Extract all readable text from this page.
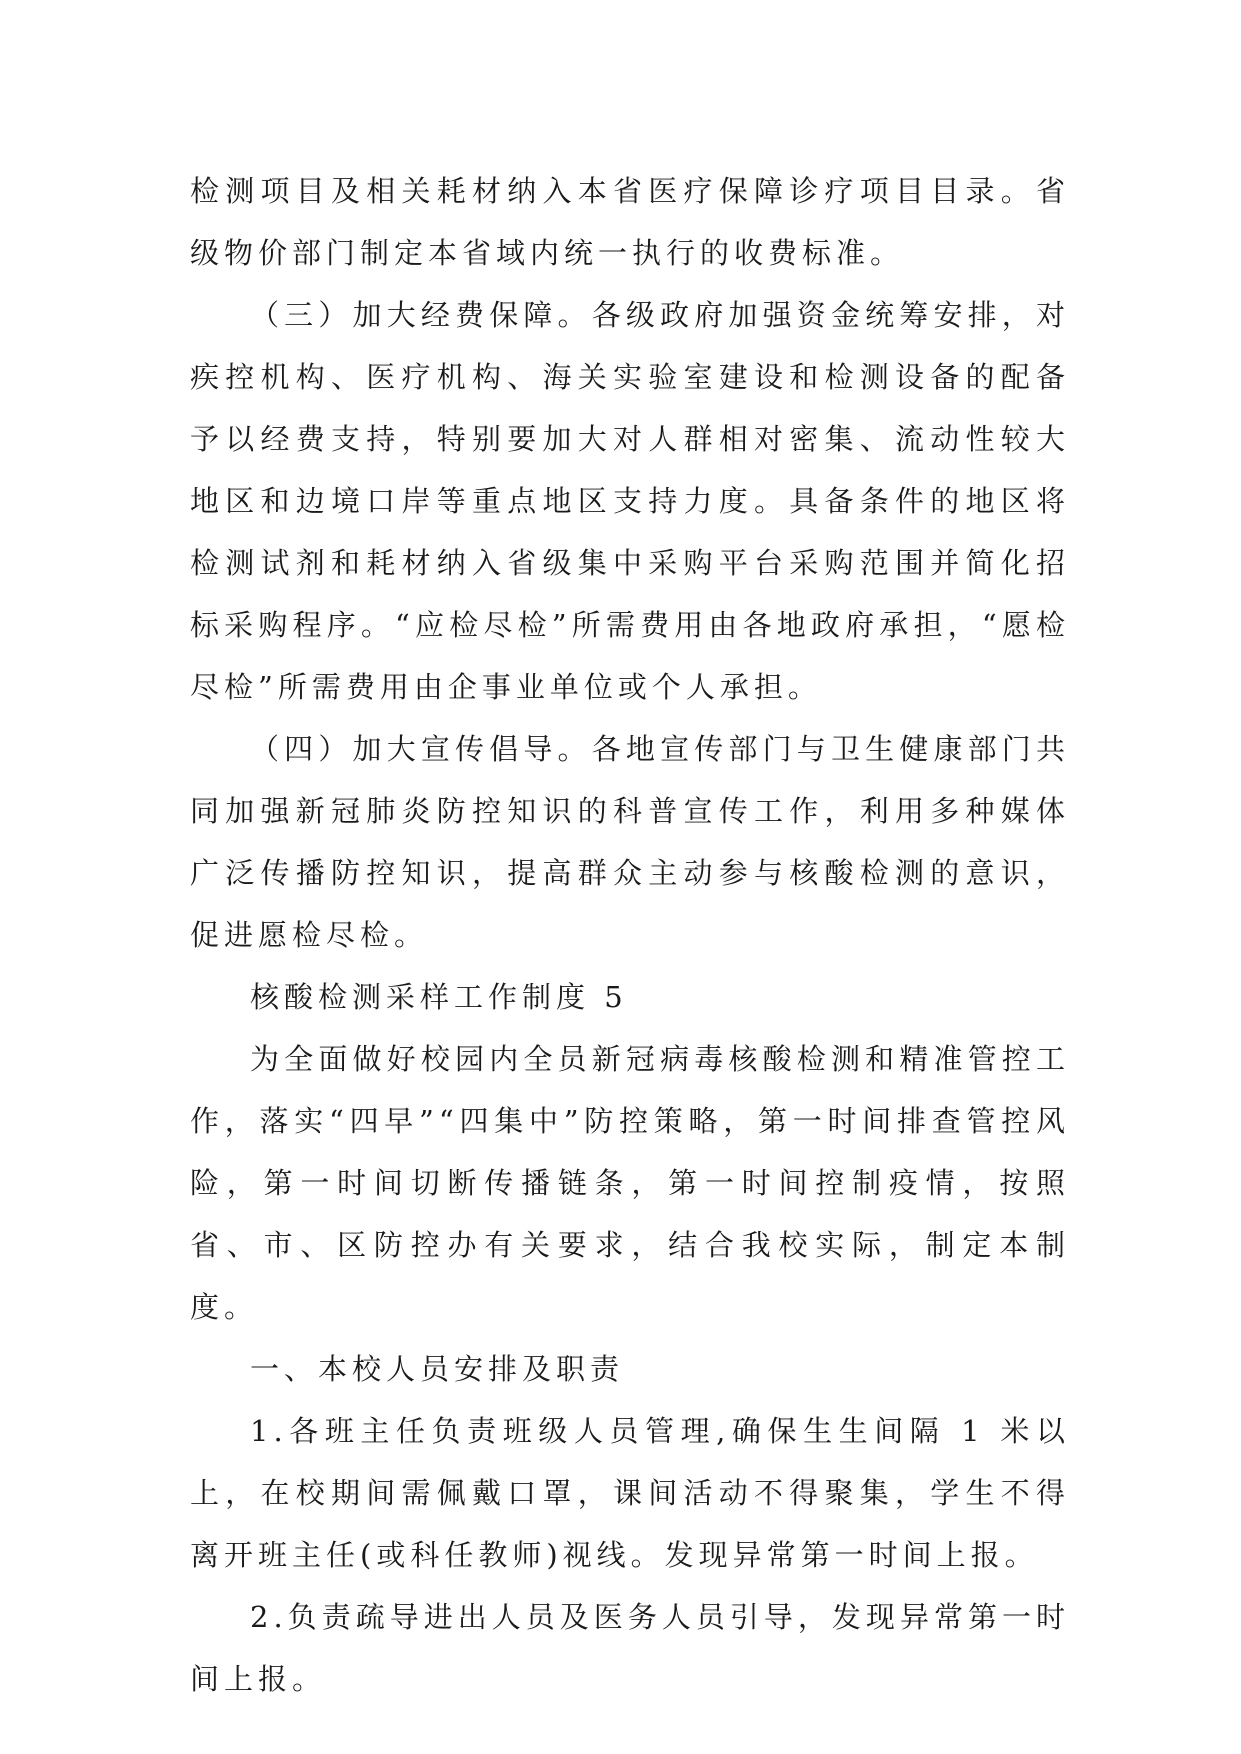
检测项目及相关耗材纳入本省医疗保障诊疗项目目录。省级物价部门制定本省域内统一执行的收费标准。

（三）加大经费保障。各级政府加强资金统筹安排，对疾控机构、医疗机构、海关实验室建设和检测设备的配备予以经费支持，特别要加大对人群相对密集、流动性较大地区和边境口岸等重点地区支持力度。具备条件的地区将检测试剂和耗材纳入省级集中采购平台采购范围并简化招标采购程序。“应检尽检”所需费用由各地政府承担，“愿检尽检”所需费用由企事业单位或个人承担。

（四）加大宣传倡导。各地宣传部门与卫生健康部门共同加强新冠肺炎防控知识的科普宣传工作，利用多种媒体广泛传播防控知识，提高群众主动参与核酸检测的意识，促进愿检尽检。

核酸检测采样工作制度 5

为全面做好校园内全员新冠病毒核酸检测和精准管控工作，落实“四早”“四集中”防控策略，第一时间排查管控风险，第一时间切断传播链条，第一时间控制疫情，按照省、市、区防控办有关要求，结合我校实际，制定本制度。

一、本校人员安排及职责

1.各班主任负责班级人员管理,确保生生间隔 1 米以上，在校期间需佩戴口罩，课间活动不得聚集，学生不得离开班主任(或科任教师)视线。发现异常第一时间上报。

2.负责疏导进出人员及医务人员引导，发现异常第一时间上报。
